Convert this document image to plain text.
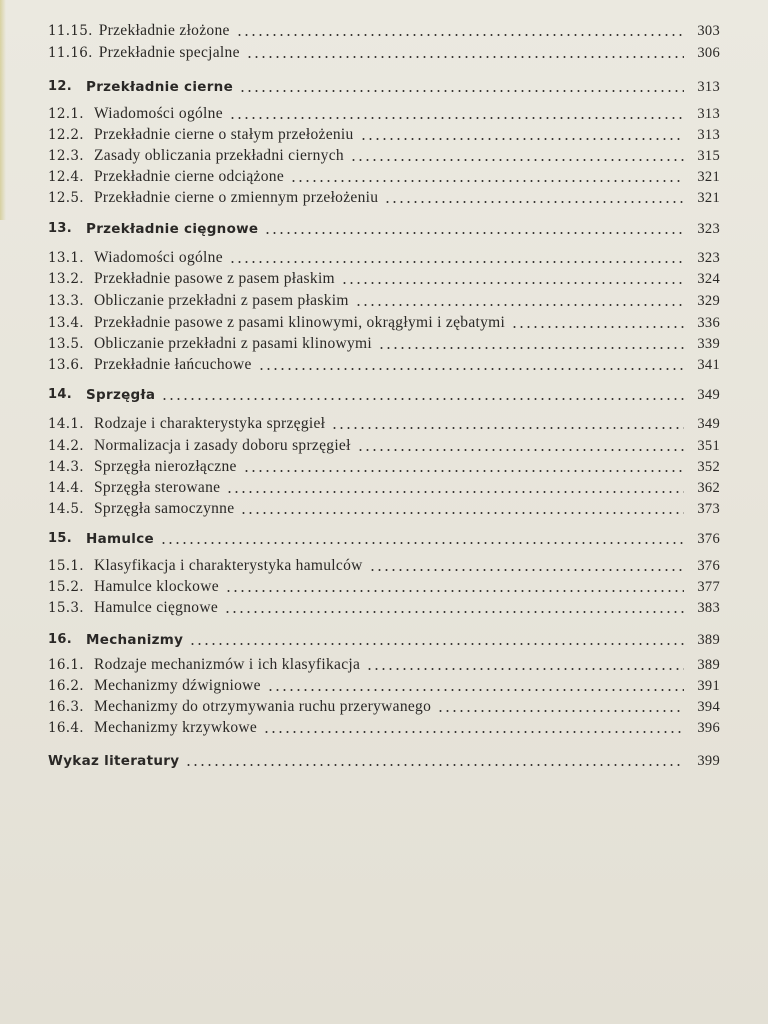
11.15. Przekładnie złożone	303
11.16. Przekładnie specjalne	306
12.	Przekładnie cierne	313
12.1. Wiadomości ogólne	313
12.2. Przekładnie cierne o stałym przełożeniu	313
12.3. Zasady obliczania przekładni ciernych	315
12.4. Przekładnie cierne odciążone	321
12.5. Przekładnie cierne o zmiennym przełożeniu	321
13.	Przekładnie cięgnowe	323
13.1. Wiadomości ogólne	323
13.2. Przekładnie pasowe z pasem płaskim	324
13.3. Obliczanie przekładni z pasem płaskim	329
13.4. Przekładnie pasowe z pasami klinowymi, okrągłymi i zębatymi	336
13.5. Obliczanie przekładni z pasami klinowymi	339
13.6. Przekładnie łańcuchowe	341
14.	Sprzęgła	349
14.1. Rodzaje i charakterystyka sprzęgieł	349
14.2. Normalizacja i zasady doboru sprzęgieł	351
14.3. Sprzęgła nierozłączne	352
14.4. Sprzęgła sterowane	362
14.5. Sprzęgła samoczynne	373
15.	Hamulce	376
15.1. Klasyfikacja i charakterystyka hamulców	376
15.2. Hamulce klockowe	377
15.3. Hamulce cięgnowe	383
16.	Mechanizmy	389
16.1. Rodzaje mechanizmów i ich klasyfikacja	389
16.2. Mechanizmy dźwigniowe	391
16.3. Mechanizmy do otrzymywania ruchu przerywanego	394
16.4. Mechanizmy krzywkowe	396
Wykaz literatury	399
